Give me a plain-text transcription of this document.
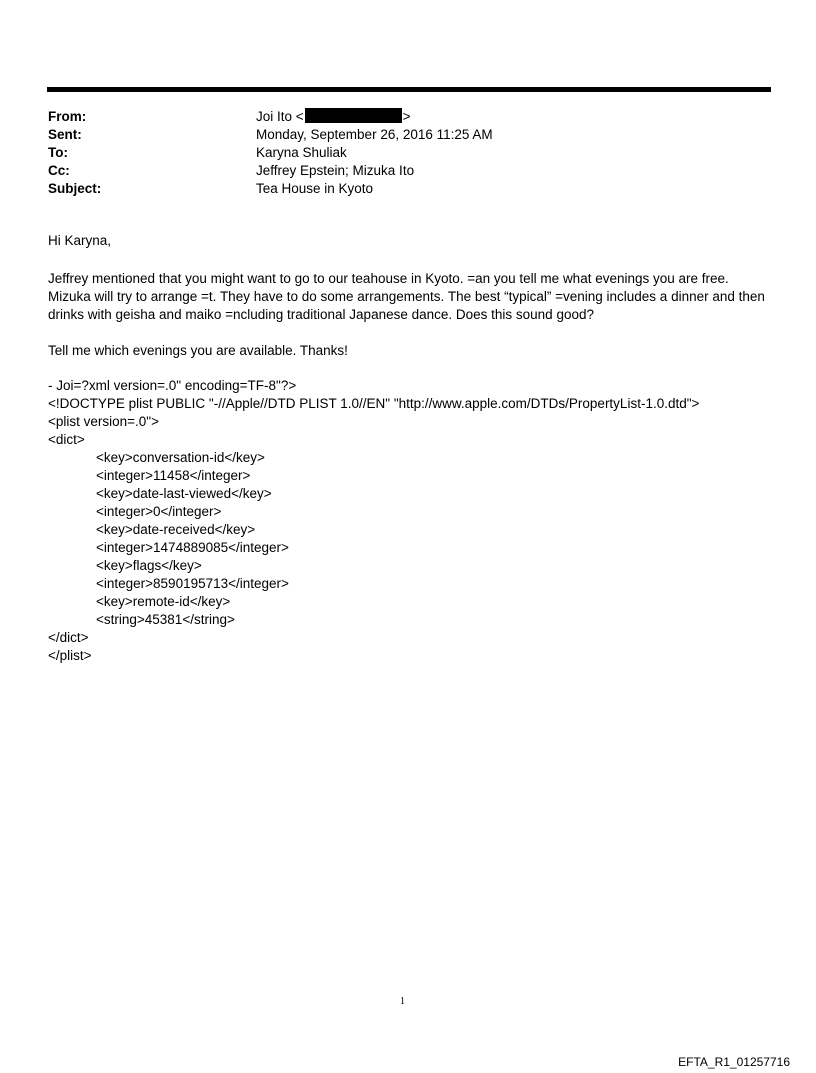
From:	Joi Ito <	>
Sent:	Monday, September 26, 2016 11:25 AM
To:	Karyna Shuliak
Cc:	Jeffrey Epstein; Mizuka Ito
Subject:	Tea House in Kyoto
Hi Karyna,
Jeffrey mentioned that you might want to go to our teahouse in Kyoto. =an you tell me what evenings you are free.
Mizuka will try to arrange =t. They have to do some arrangements. The best “typical” =vening includes a dinner and then
drinks with geisha and maiko =ncluding traditional Japanese dance. Does this sound good?
Tell me which evenings you are available. Thanks!
- Joi=?xml version=.0" encoding=TF-8"?>
<!DOCTYPE plist PUBLIC "-//Apple//DTD PLIST 1.0//EN" "http://www.apple.com/DTDs/PropertyList-1.0.dtd">
<plist version=.0">
<dict>
<key>conversation-id</key>
<integer>11458</integer>
<key>date-last-viewed</key>
<integer>0</integer>
<key>date-received</key>
<integer>1474889085</integer>
<key>flags</key>
<integer>8590195713</integer>
<key>remote-id</key>
<string>45381</string>
</dict>
</plist>
1
EFTA_R1_01257716
